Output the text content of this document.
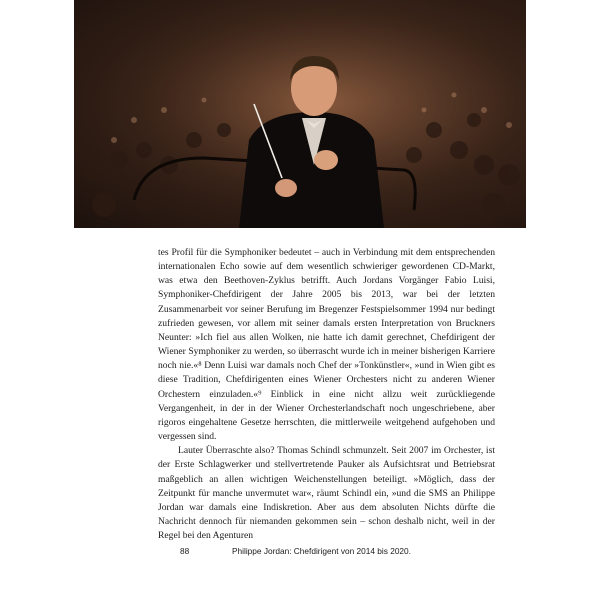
tes Profil für die Symphoniker bedeutet – auch in Verbindung mit dem entsprechenden internationalen Echo sowie auf dem wesentlich schwieriger gewordenen CD-Markt, was etwa den Beethoven-Zyklus betrifft. Auch Jordans Vorgänger Fabio Luisi, Symphoniker-Chefdirigent der Jahre 2005 bis 2013, war bei der letzten Zusammenarbeit vor seiner Berufung im Bregenzer Festspielsommer 1994 nur bedingt zufrieden gewesen, vor allem mit seiner damals ersten Interpretation von Bruckners Neunter: »Ich fiel aus allen Wolken, nie hatte ich damit gerechnet, Chefdirigent der Wiener Symphoniker zu werden, so überrascht wurde ich in meiner bisherigen Karriere noch nie.«⁸ Denn Luisi war damals noch Chef der »Tonkünstler«, »und in Wien gibt es diese Tradition, Chefdirigenten eines Wiener Orchesters nicht zu anderen Wiener Orchestern einzuladen.«⁹ Einblick in eine nicht allzu weit zurückliegende Vergangenheit, in der in der Wiener Orchesterlandschaft noch ungeschriebene, aber rigoros eingehaltene Gesetze herrschten, die mittlerweile weitgehend aufgehoben und vergessen sind.

Lauter Überraschte also? Thomas Schindl schmunzelt. Seit 2007 im Orchester, ist der Erste Schlagwerker und stellvertretende Pauker als Aufsichtsrat und Betriebsrat maßgeblich an allen wichtigen Weichenstellungen beteiligt. »Möglich, dass der Zeitpunkt für manche unvermutet war«, räumt Schindl ein, »und die SMS an Philippe Jordan war damals eine Indiskretion. Aber aus dem absoluten Nichts dürfte die Nachricht dennoch für niemanden gekommen sein – schon deshalb nicht, weil in der Regel bei den Agenturen

88	Philippe Jordan: Chefdirigent von 2014 bis 2020.
